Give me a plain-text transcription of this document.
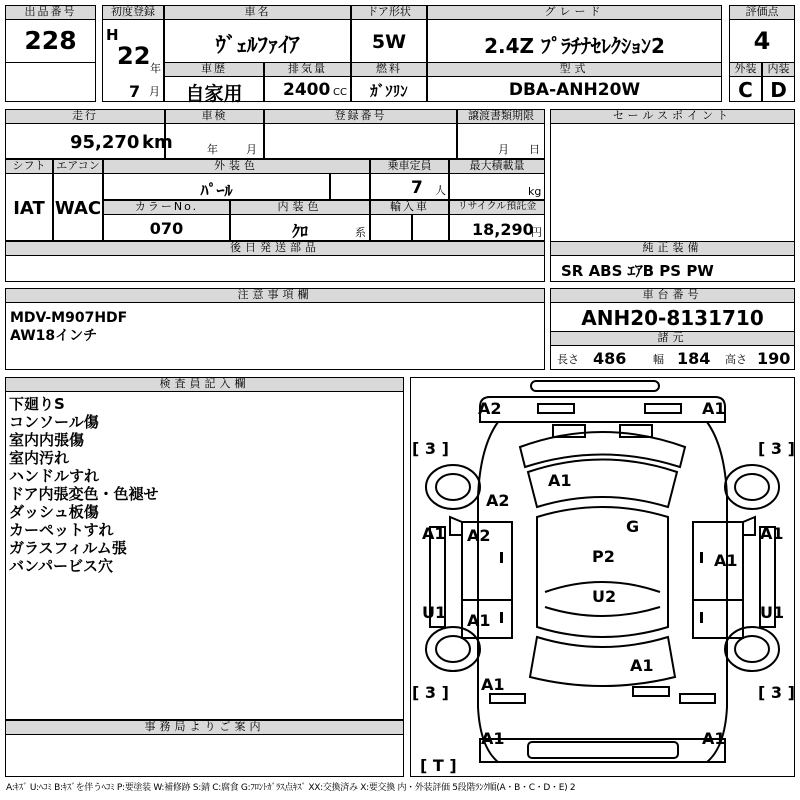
出品番号
228
初度登録
H
22 年
7 月
車名
ｳﾞｪﾙﾌｧｲｱ
ドア形状
5W
グレード
2.4Z ﾌﾟﾗﾁﾅｾﾚｸｼｮﾝ2
評価点
4
車歴
自家用
排気量
2400 CC
燃料
ｶﾞｿﾘﾝ
型式
DBA-ANH20W
外装	内装
C D
走行
95,270 km
車検
年	月
登録番号	譲渡書類期限
月 日
シフト
IAT
エアコン
WAC
外装色
ﾊﾟｰﾙ
乗車定員
7 人
最大積載量
kg
カラーNo.
070
内装色
ｸﾛ	系
輸入車	リサイクル預託金
18,290
円
後日発送部品
セールスポイント
純正装備
SR ABS ｴｱB PS PW
注意事項欄
MDV-M907HDF
AW18インチ
車台番号
ANH20-8131710
諸元
長さ 486 幅 184 高さ 190
検査員記入欄
下廻りS
コンソール傷
室内内張傷
室内汚れ
ハンドルすれ
ドア内張変色・色褪せ
ダッシュ板傷
カーペットすれ
ガラスフィルム張
バンパービス穴
事務局よりご案内
A2	A1
[ 3 ]	[ 3 ]
A1
A2
G
A1	A1
A2
A1
P2
U2
U1	U1
A1
A1
A1
[ 3 ]	[ 3 ]
A1	A1
[ T ]
A:ｷｽﾞ U:ﾍｺﾐ B:ｷｽﾞを伴うﾍｺﾐ P:要塗装 W:補修跡 S:錆 C:腐食 G:ﾌﾛﾝﾄｶﾞﾗｽ点ｷｽﾞ XX:交換済み X:要交換 内・外装評価 5段階ﾗﾝｸ順(A・B・C・D・E) 2
